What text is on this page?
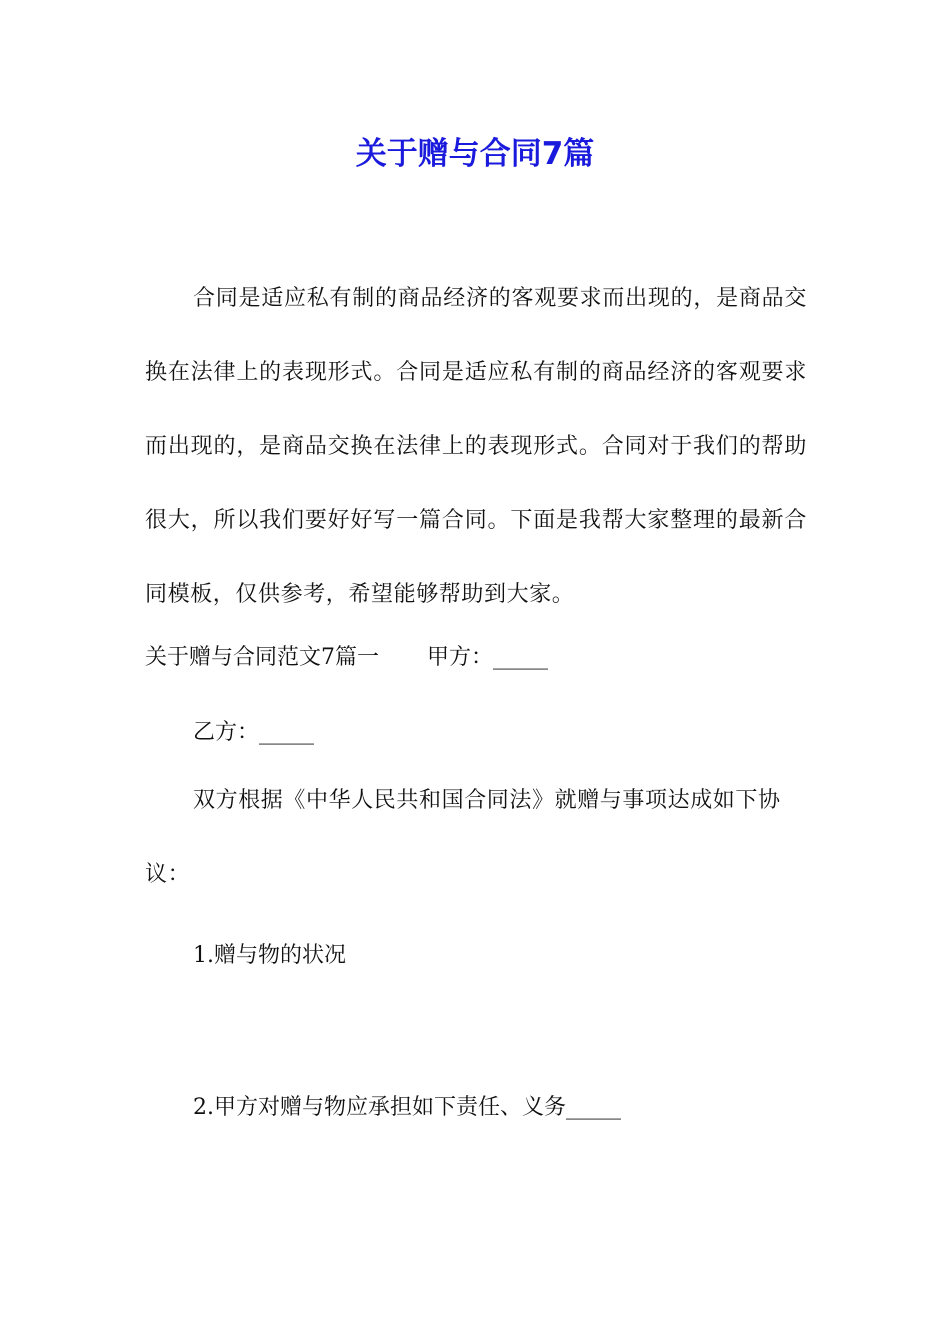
关于赠与合同7篇

合同是适应私有制的商品经济的客观要求而出现的，是商品交换在法律上的表现形式。合同是适应私有制的商品经济的客观要求而出现的，是商品交换在法律上的表现形式。合同对于我们的帮助很大，所以我们要好好写一篇合同。下面是我帮大家整理的最新合同模板，仅供参考，希望能够帮助到大家。

关于赠与合同范文7篇一 甲方：_____
乙方：_____

双方根据《中华人民共和国合同法》就赠与事项达成如下协议：

1.赠与物的状况
2.甲方对赠与物应承担如下责任、义务_____
